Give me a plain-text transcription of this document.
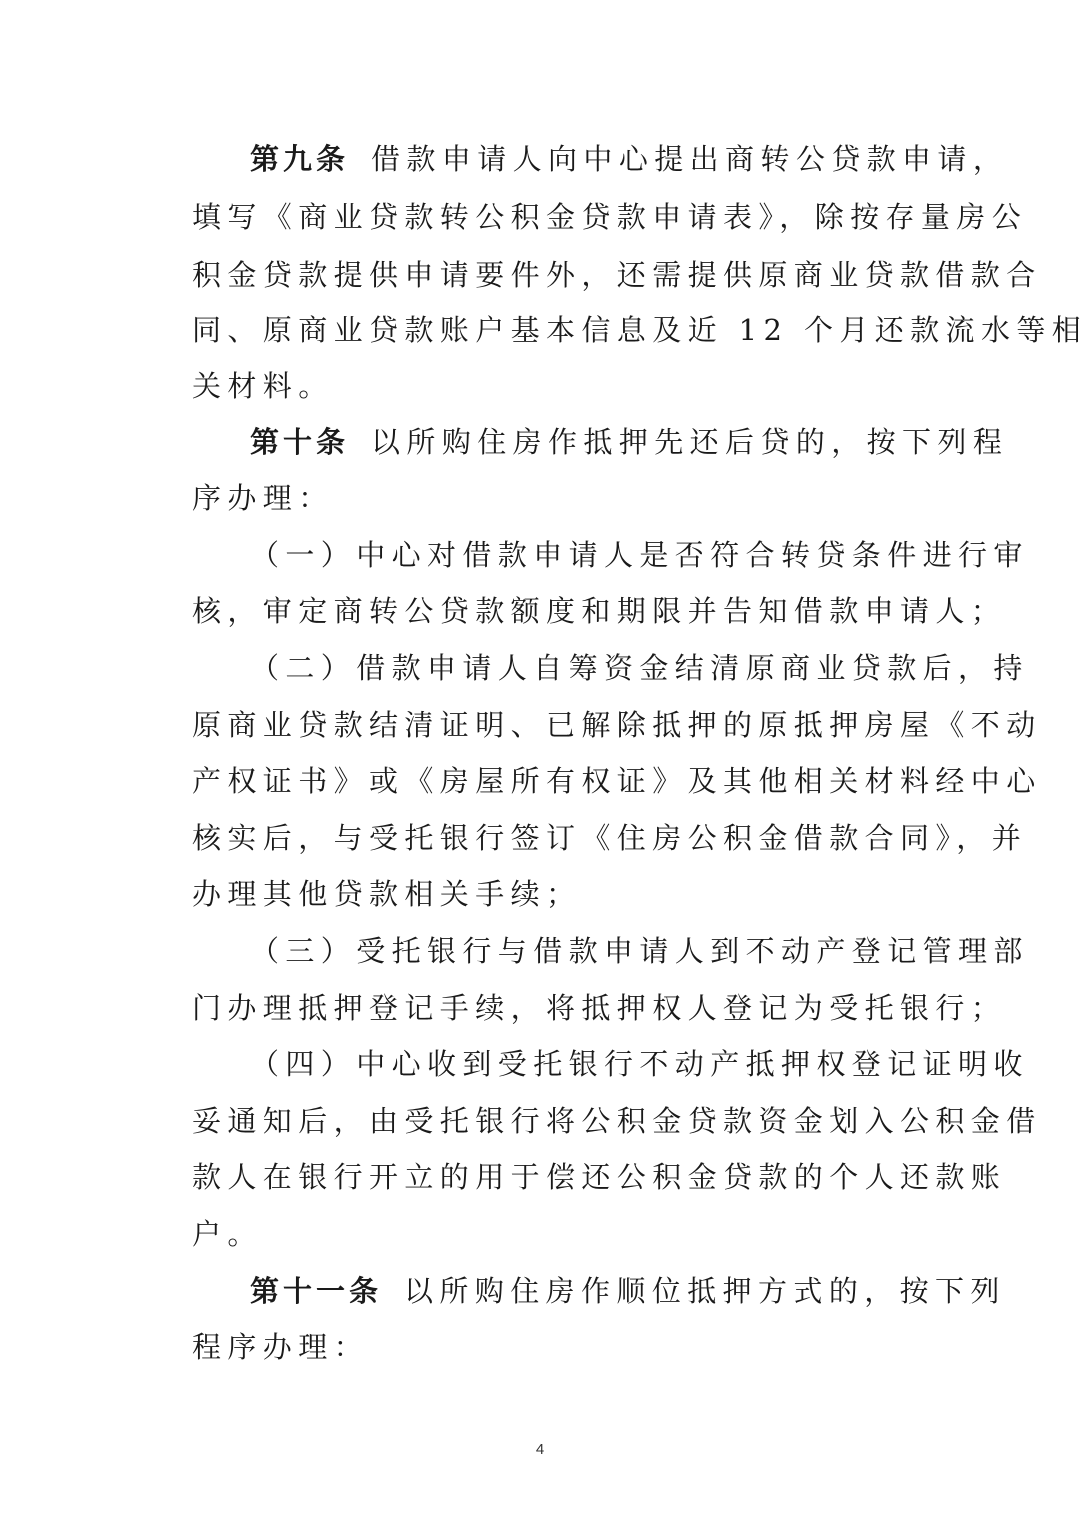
第九条 借款申请人向中心提出商转公贷款申请，
填写《商业贷款转公积金贷款申请表》，除按存量房公
积金贷款提供申请要件外，还需提供原商业贷款借款合
同、原商业贷款账户基本信息及近 12 个月还款流水等相
关材料。
第十条 以所购住房作抵押先还后贷的，按下列程
序办理：
（一）中心对借款申请人是否符合转贷条件进行审
核，审定商转公贷款额度和期限并告知借款申请人；
（二）借款申请人自筹资金结清原商业贷款后，持
原商业贷款结清证明、已解除抵押的原抵押房屋《不动
产权证书》或《房屋所有权证》及其他相关材料经中心
核实后，与受托银行签订《住房公积金借款合同》，并
办理其他贷款相关手续；
（三）受托银行与借款申请人到不动产登记管理部
门办理抵押登记手续，将抵押权人登记为受托银行；
（四）中心收到受托银行不动产抵押权登记证明收
妥通知后，由受托银行将公积金贷款资金划入公积金借
款人在银行开立的用于偿还公积金贷款的个人还款账
户。
第十一条 以所购住房作顺位抵押方式的，按下列
程序办理：
4
